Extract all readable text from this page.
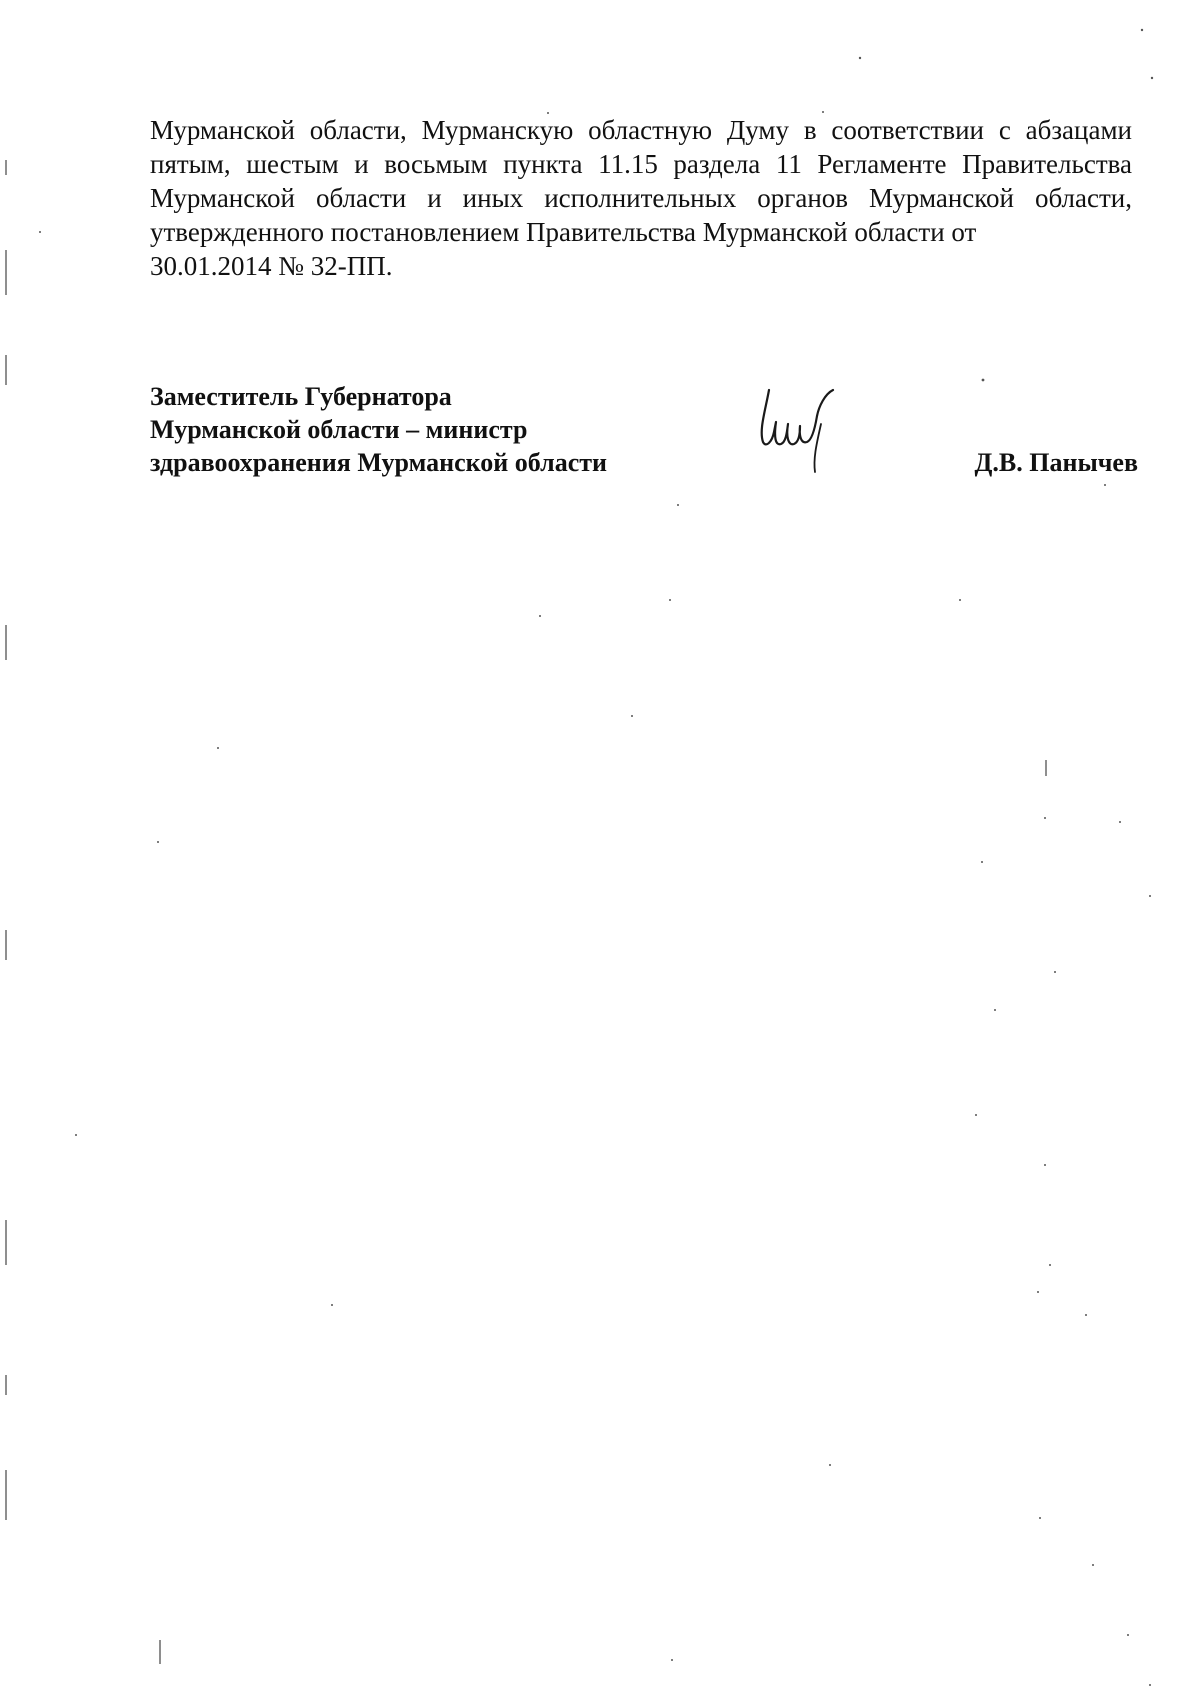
Мурманской области, Мурманскую областную Думу в соответствии с абзацами пятым, шестым и восьмым пункта 11.15 раздела 11 Регламенте Правительства Мурманской области и иных исполнительных органов Мурманской области, утвержденного постановлением Правительства Мурманской области от
30.01.2014 № 32-ПП.

Заместитель Губернатора
Мурманской области – министр
здравоохранения Мурманской области	Д.В. Панычев
